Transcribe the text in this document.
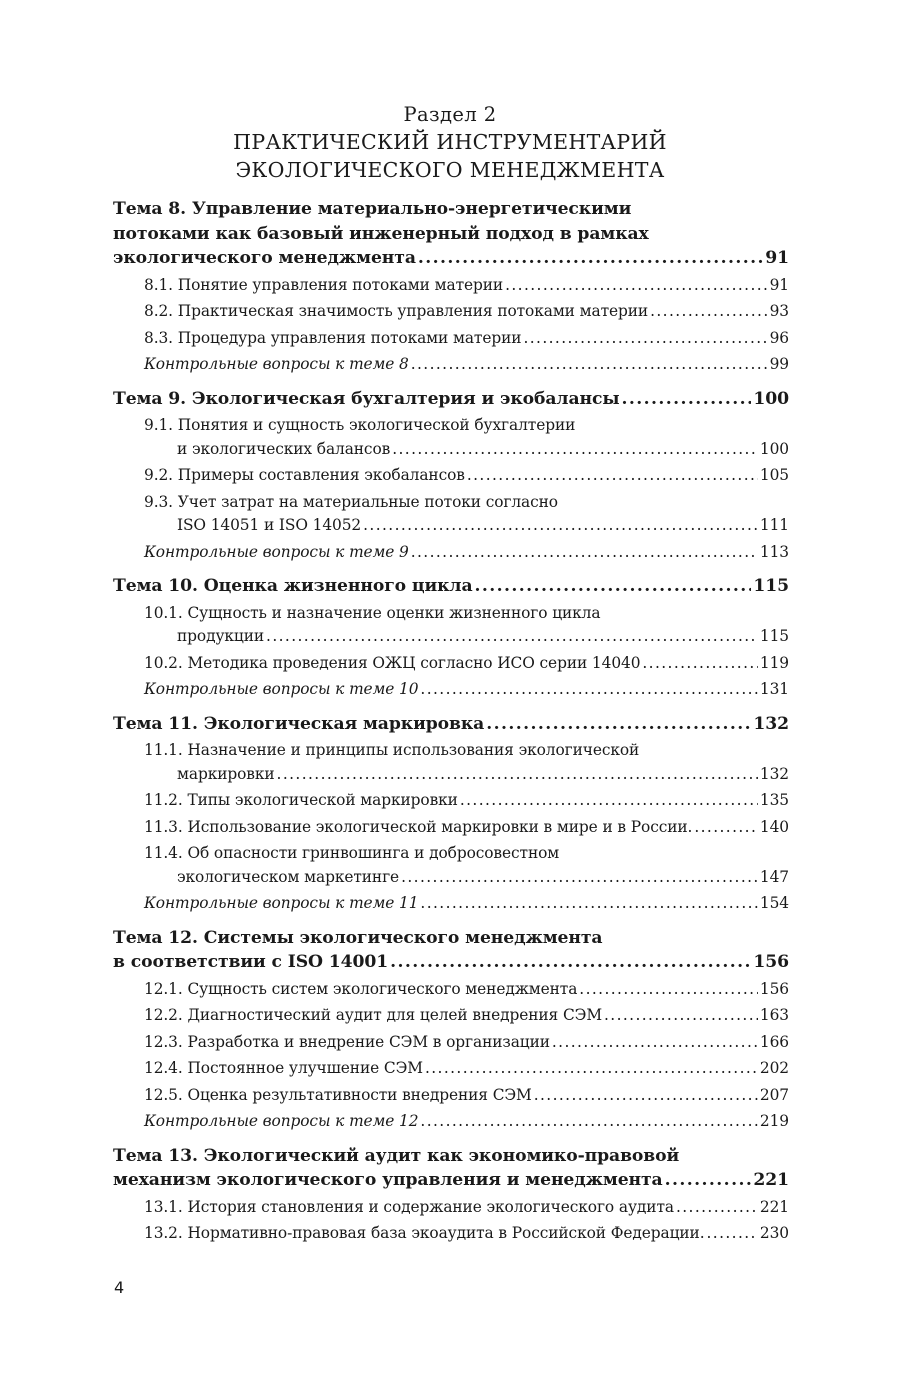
Раздел 2
ПРАКТИЧЕСКИЙ ИНСТРУМЕНТАРИЙ
ЭКОЛОГИЧЕСКОГО МЕНЕДЖМЕНТА
Тема 8. Управление материально-энергетическими
потоками как базовый инженерный подход в рамках
экологического менеджмента .....	91
8.1. Понятие управления потоками материи .....	91
8.2. Практическая значимость управления потоками материи .....	93
8.3. Процедура управления потоками материи .....	96
Контрольные вопросы к теме 8 .....	99
Тема 9. Экологическая бухгалтерия и экобалансы .....	100
9.1. Понятия и сущность экологической бухгалтерии
и экологических балансов .....	100
9.2. Примеры составления экобалансов .....	105
9.3. Учет затрат на материальные потоки согласно
ISO 14051 и ISO 14052 .....	111
Контрольные вопросы к теме 9 .....	113
Тема 10. Оценка жизненного цикла .....	115
10.1. Сущность и назначение оценки жизненного цикла
продукции .....	115
10.2. Методика проведения ОЖЦ согласно ИСО серии 14040 .....	119
Контрольные вопросы к теме 10 .....	131
Тема 11. Экологическая маркировка .....	132
11.1. Назначение и принципы использования экологической
маркировки .....	132
11.2. Типы экологической маркировки .....	135
11.3. Использование экологической маркировки в мире и в России. .....	140
11.4. Об опасности гринвошинга и добросовестном
экологическом маркетинге .....	147
Контрольные вопросы к теме 11 .....	154
Тема 12. Системы экологического менеджмента
в соответствии с ISO 14001 .....	156
12.1. Сущность систем экологического менеджмента .....	156
12.2. Диагностический аудит для целей внедрения СЭМ .....	163
12.3. Разработка и внедрение СЭМ в организации .....	166
12.4. Постоянное улучшение СЭМ .....	202
12.5. Оценка результативности внедрения СЭМ .....	207
Контрольные вопросы к теме 12 .....	219
Тема 13. Экологический аудит как экономико-правовой
механизм экологического управления и менеджмента .....	221
13.1. История становления и содержание экологического аудита .....	221
13.2. Нормативно-правовая база экоаудита в Российской Федерации. .....	230
4
